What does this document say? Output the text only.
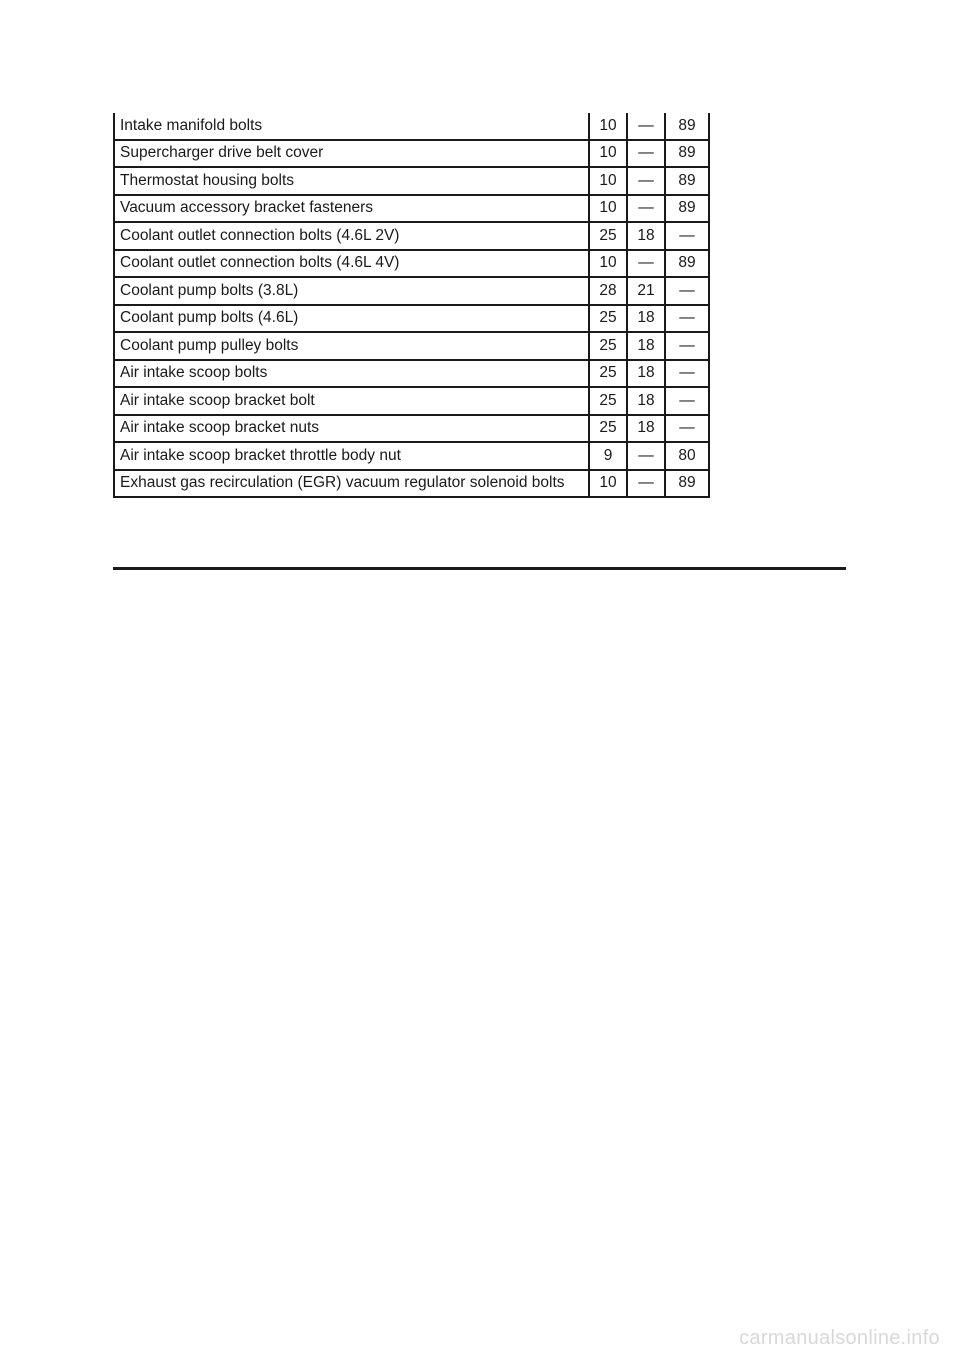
Intake manifold bolts	10	—	89
Supercharger drive belt cover	10	—	89
Thermostat housing bolts	10	—	89
Vacuum accessory bracket fasteners	10	—	89
Coolant outlet connection bolts (4.6L 2V)	25	18	—
Coolant outlet connection bolts (4.6L 4V)	10	—	89
Coolant pump bolts (3.8L)	28	21	—
Coolant pump bolts (4.6L)	25	18	—
Coolant pump pulley bolts	25	18	—
Air intake scoop bolts	25	18	—
Air intake scoop bracket bolt	25	18	—
Air intake scoop bracket nuts	25	18	—
Air intake scoop bracket throttle body nut	9	—	80
Exhaust gas recirculation (EGR) vacuum regulator solenoid bolts	10	—	89
carmanualsonline.info
